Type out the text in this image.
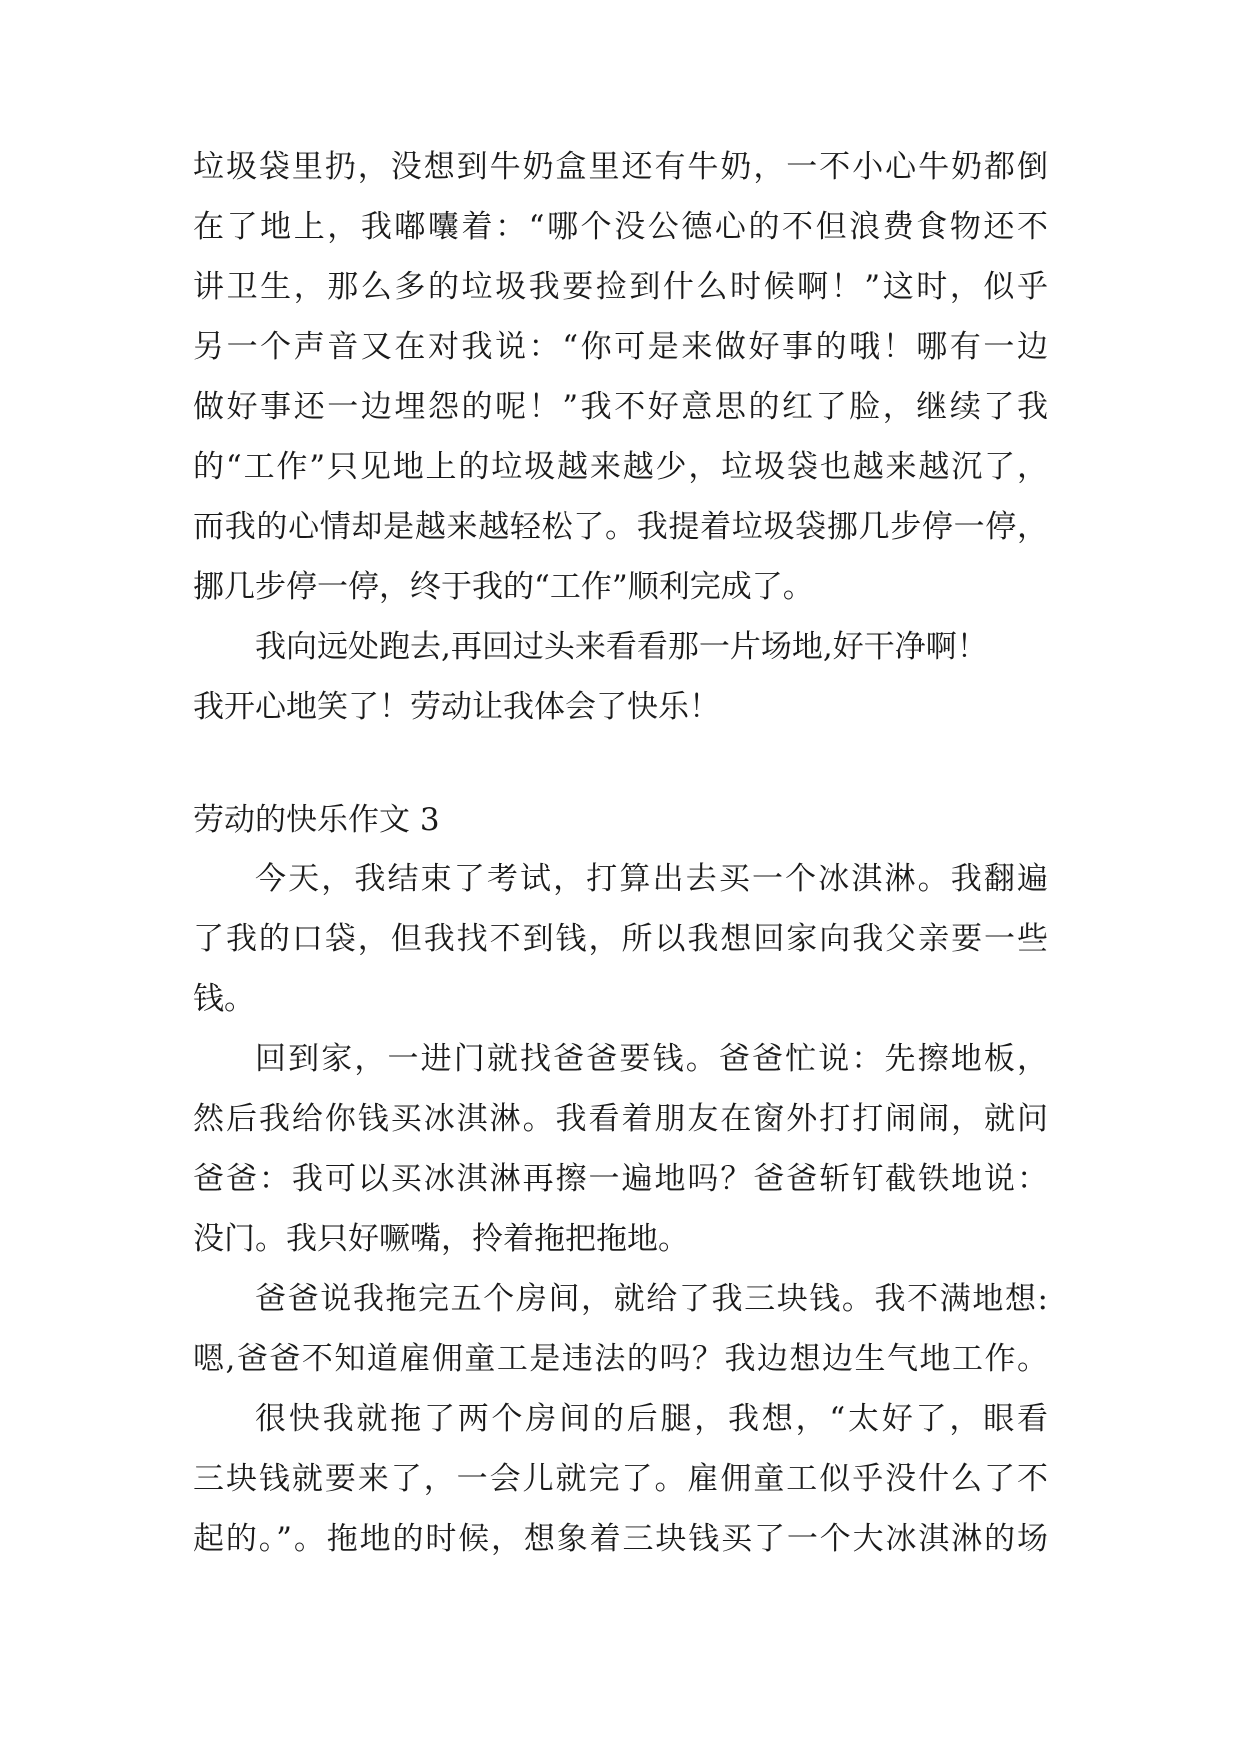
垃圾袋里扔，没想到牛奶盒里还有牛奶，一不小心牛奶都倒
在了地上，我嘟囔着：“哪个没公德心的不但浪费食物还不
讲卫生，那么多的垃圾我要捡到什么时候啊！”这时，似乎
另一个声音又在对我说：“你可是来做好事的哦！哪有一边
做好事还一边埋怨的呢！”我不好意思的红了脸，继续了我
的“工作”只见地上的垃圾越来越少，垃圾袋也越来越沉了，
而我的心情却是越来越轻松了。我提着垃圾袋挪几步停一停，
挪几步停一停，终于我的“工作”顺利完成了。
我向远处跑去,再回过头来看看那一片场地,好干净啊！
我开心地笑了！劳动让我体会了快乐！
劳动的快乐作文 3
今天，我结束了考试，打算出去买一个冰淇淋。我翻遍
了我的口袋，但我找不到钱，所以我想回家向我父亲要一些
钱。
回到家，一进门就找爸爸要钱。爸爸忙说：先擦地板，
然后我给你钱买冰淇淋。我看着朋友在窗外打打闹闹，就问
爸爸：我可以买冰淇淋再擦一遍地吗？爸爸斩钉截铁地说：
没门。我只好噘嘴，拎着拖把拖地。
爸爸说我拖完五个房间，就给了我三块钱。我不满地想:
嗯,爸爸不知道雇佣童工是违法的吗？我边想边生气地工作。
很快我就拖了两个房间的后腿，我想，“太好了，眼看
三块钱就要来了，一会儿就完了。雇佣童工似乎没什么了不
起的。”。拖地的时候，想象着三块钱买了一个大冰淇淋的场
